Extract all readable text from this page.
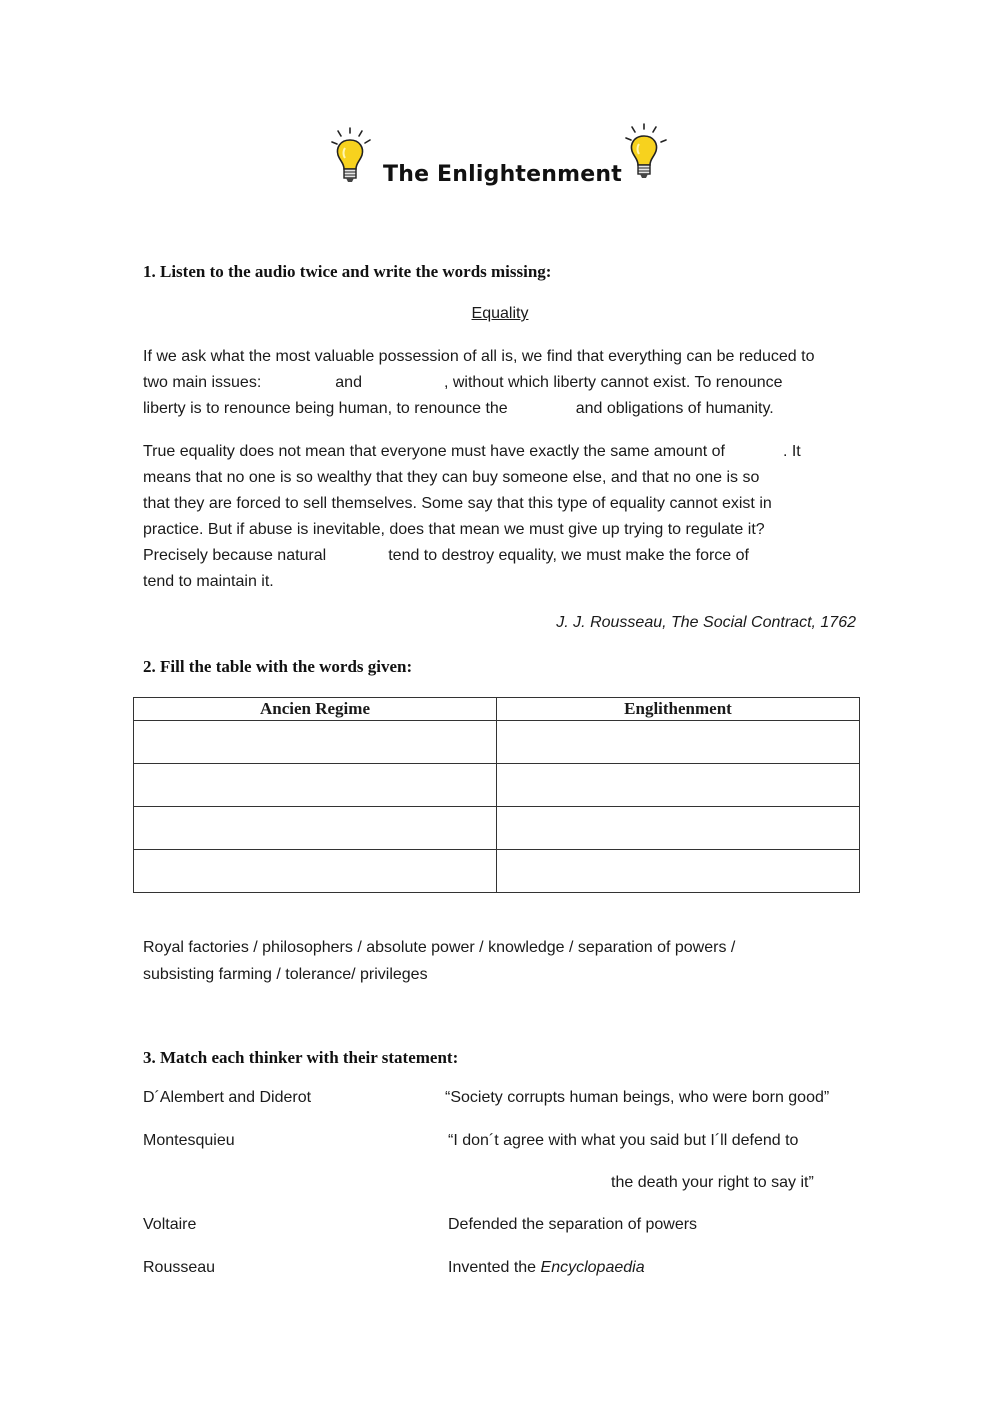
The Enlightenment
1. Listen to the audio twice and write the words missing:
Equality
If we ask what the most valuable possession of all is, we find that everything can be reduced to
two main issues:	and	, without which liberty cannot exist. To renounce
liberty is to renounce being human, to renounce the	and obligations of humanity.
True equality does not mean that everyone must have exactly the same amount of	. It
means that no one is so wealthy that they can buy someone else, and that no one is so
that they are forced to sell themselves. Some say that this type of equality cannot exist in
practice. But if abuse is inevitable, does that mean we must give up trying to regulate it?
Precisely because natural	tend to destroy equality, we must make the force of
tend to maintain it.
J. J. Rousseau, The Social Contract, 1762
2. Fill the table with the words given:
Ancien Regime	Englithenment

Royal factories / philosophers / absolute power / knowledge / separation of powers /
subsisting farming / tolerance/ privileges
3. Match each thinker with their statement:
D´Alembert and Diderot	“Society corrupts human beings, who were born good”
Montesquieu	“I don´t agree with what you said but I´ll defend to
the death your right to say it”
Voltaire	Defended the separation of powers
Rousseau	Invented the Encyclopaedia
